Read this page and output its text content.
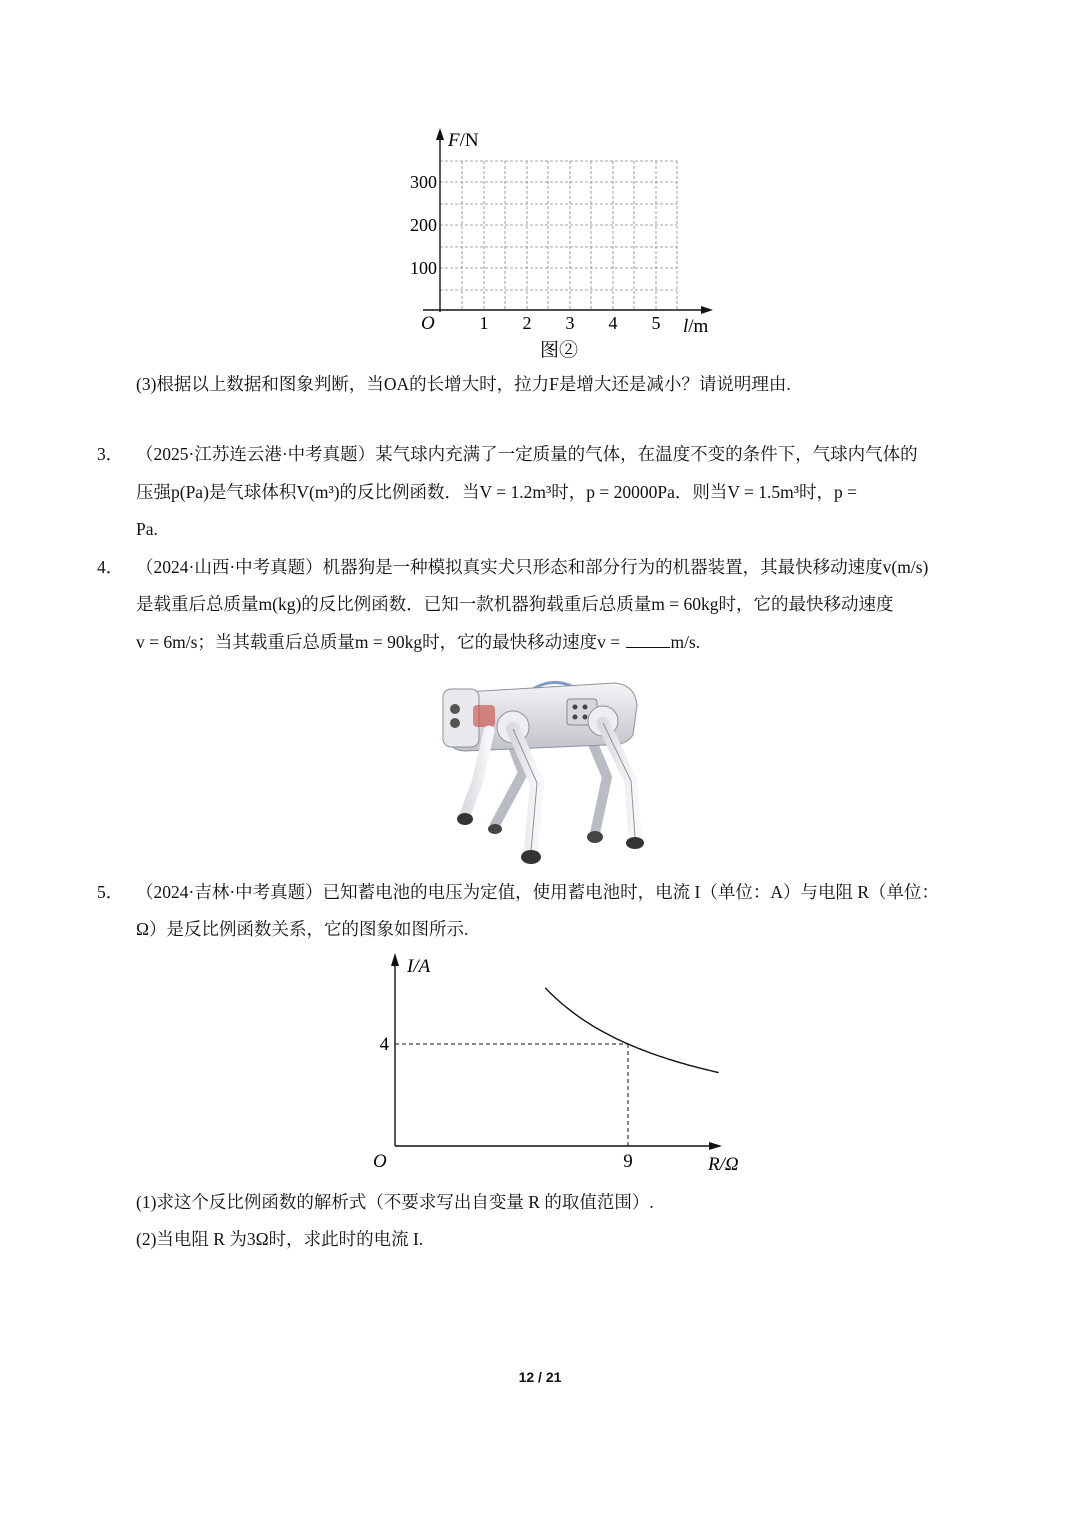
F/N
l/m
O
100
200
300
1 2 3 4 5
图②
(3)根据以上数据和图象判断，当OA的长增大时，拉力F是增大还是减小？请说明理由.
3． （2025·江苏连云港·中考真题）某气球内充满了一定质量的气体，在温度不变的条件下，气球内气体的
压强p(Pa)是气球体积V(m³)的反比例函数．当V = 1.2m³时，p = 20000Pa．则当V = 1.5m³时，p =
Pa.
4． （2024·山西·中考真题）机器狗是一种模拟真实犬只形态和部分行为的机器装置，其最快移动速度v(m/s)
是载重后总质量m(kg)的反比例函数．已知一款机器狗载重后总质量m = 60kg时，它的最快移动速度
v = 6m/s；当其载重后总质量m = 90kg时，它的最快移动速度v =	m/s.
5． （2024·吉林·中考真题）已知蓄电池的电压为定值，使用蓄电池时，电流 I（单位：A）与电阻 R（单位：
Ω）是反比例函数关系，它的图象如图所示.
I/A
R/Ω
O
4
9
(1)求这个反比例函数的解析式（不要求写出自变量 R 的取值范围）.
(2)当电阻 R 为3Ω时，求此时的电流 I.
12 / 21
